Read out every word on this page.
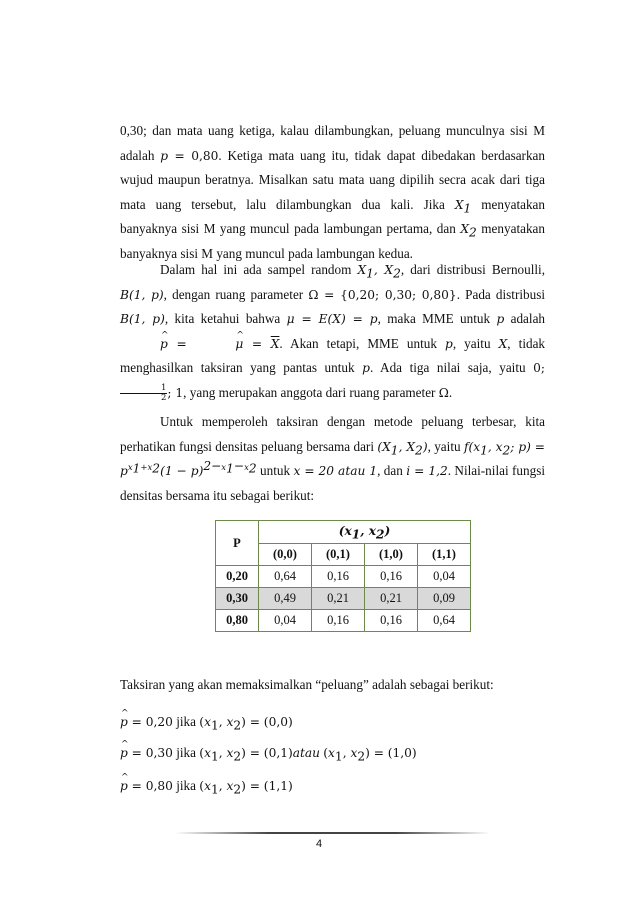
0,30; dan mata uang ketiga, kalau dilambungkan, peluang munculnya sisi M adalah p = 0,80. Ketiga mata uang itu, tidak dapat dibedakan berdasarkan wujud maupun beratnya. Misalkan satu mata uang dipilih secra acak dari tiga mata uang tersebut, lalu dilambungkan dua kali. Jika $X_1$ menyatakan banyaknya sisi M yang muncul pada lambungan pertama, dan $X_2$ menyatakan banyaknya sisi M yang muncul pada lambungan kedua.
Dalam hal ini ada sampel random $X_1$, $X_2$, dari distribusi Bernoulli, B(1, p), dengan ruang parameter Ω = {0,20; 0,30; 0,80}. Pada distribusi B(1, p), kita ketahui bahwa μ = E(X) = p, maka MME untuk p adalah p ^ =	μ ^ = $\overline{X}$. Akan tetapi, MME untuk p, yaitu X, tidak menghasilkan taksiran yang pantas untuk p. Ada tiga nilai saja, yaitu 0;
$\frac{1}{2}$ ; 1, yang merupakan anggota dari ruang parameter Ω.
Untuk memperoleh taksiran dengan metode peluang terbesar, kita perhatikan fungsi densitas peluang bersama dari ($X_1$, $X_2$), yaitu $f(x_1$, $x_2$; $p) = p^{x_1+x_2}(1 - p)^{2-x_1-x_2}$ untuk x = 20 atau 1, dan i = 1,2. Nilai-nilai fungsi densitas bersama itu sebagai berikut:
P	($x_1$, $x_2$)			
	(0,0)	(0,1)	(1,0)	(1,1)
0,20	0,64	0,16	0,16	0,04
0,30	0,49	0,21	0,21	0,09
0,80	0,04	0,16	0,16	0,64
Taksiran yang akan memaksimalkan “peluang” adalah sebagai berikut:
p ^ = 0,20 jika ($x_1$, $x_2) = (0,0)$
p ^ = 0,30 jika ($x_1$, $x_2$) = (0,1)atau ($x_1$, $x_2) = (1,0)$
p ^ = 0,80 jika ($x_1$, $x_2) = (1,1)$
4
